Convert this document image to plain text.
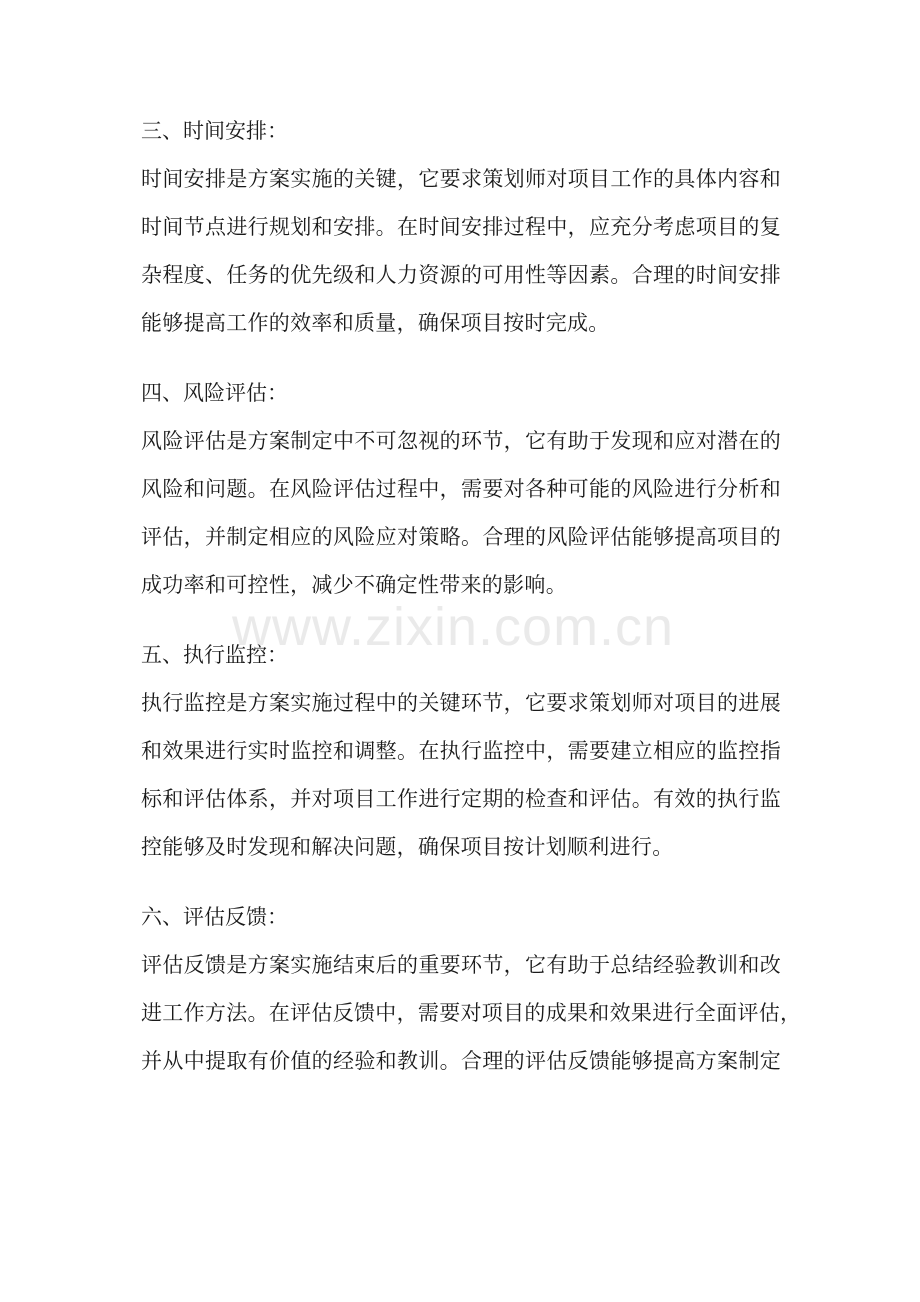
三、时间安排：
时间安排是方案实施的关键，它要求策划师对项目工作的具体内容和
时间节点进行规划和安排。在时间安排过程中，应充分考虑项目的复
杂程度、任务的优先级和人力资源的可用性等因素。合理的时间安排
能够提高工作的效率和质量，确保项目按时完成。
四、风险评估：
风险评估是方案制定中不可忽视的环节，它有助于发现和应对潜在的
风险和问题。在风险评估过程中，需要对各种可能的风险进行分析和
评估，并制定相应的风险应对策略。合理的风险评估能够提高项目的
成功率和可控性，减少不确定性带来的影响。
五、执行监控：
执行监控是方案实施过程中的关键环节，它要求策划师对项目的进展
和效果进行实时监控和调整。在执行监控中，需要建立相应的监控指
标和评估体系，并对项目工作进行定期的检查和评估。有效的执行监
控能够及时发现和解决问题，确保项目按计划顺利进行。
六、评估反馈：
评估反馈是方案实施结束后的重要环节，它有助于总结经验教训和改
进工作方法。在评估反馈中，需要对项目的成果和效果进行全面评估，
并从中提取有价值的经验和教训。合理的评估反馈能够提高方案制定
www.zixin.com.cn
